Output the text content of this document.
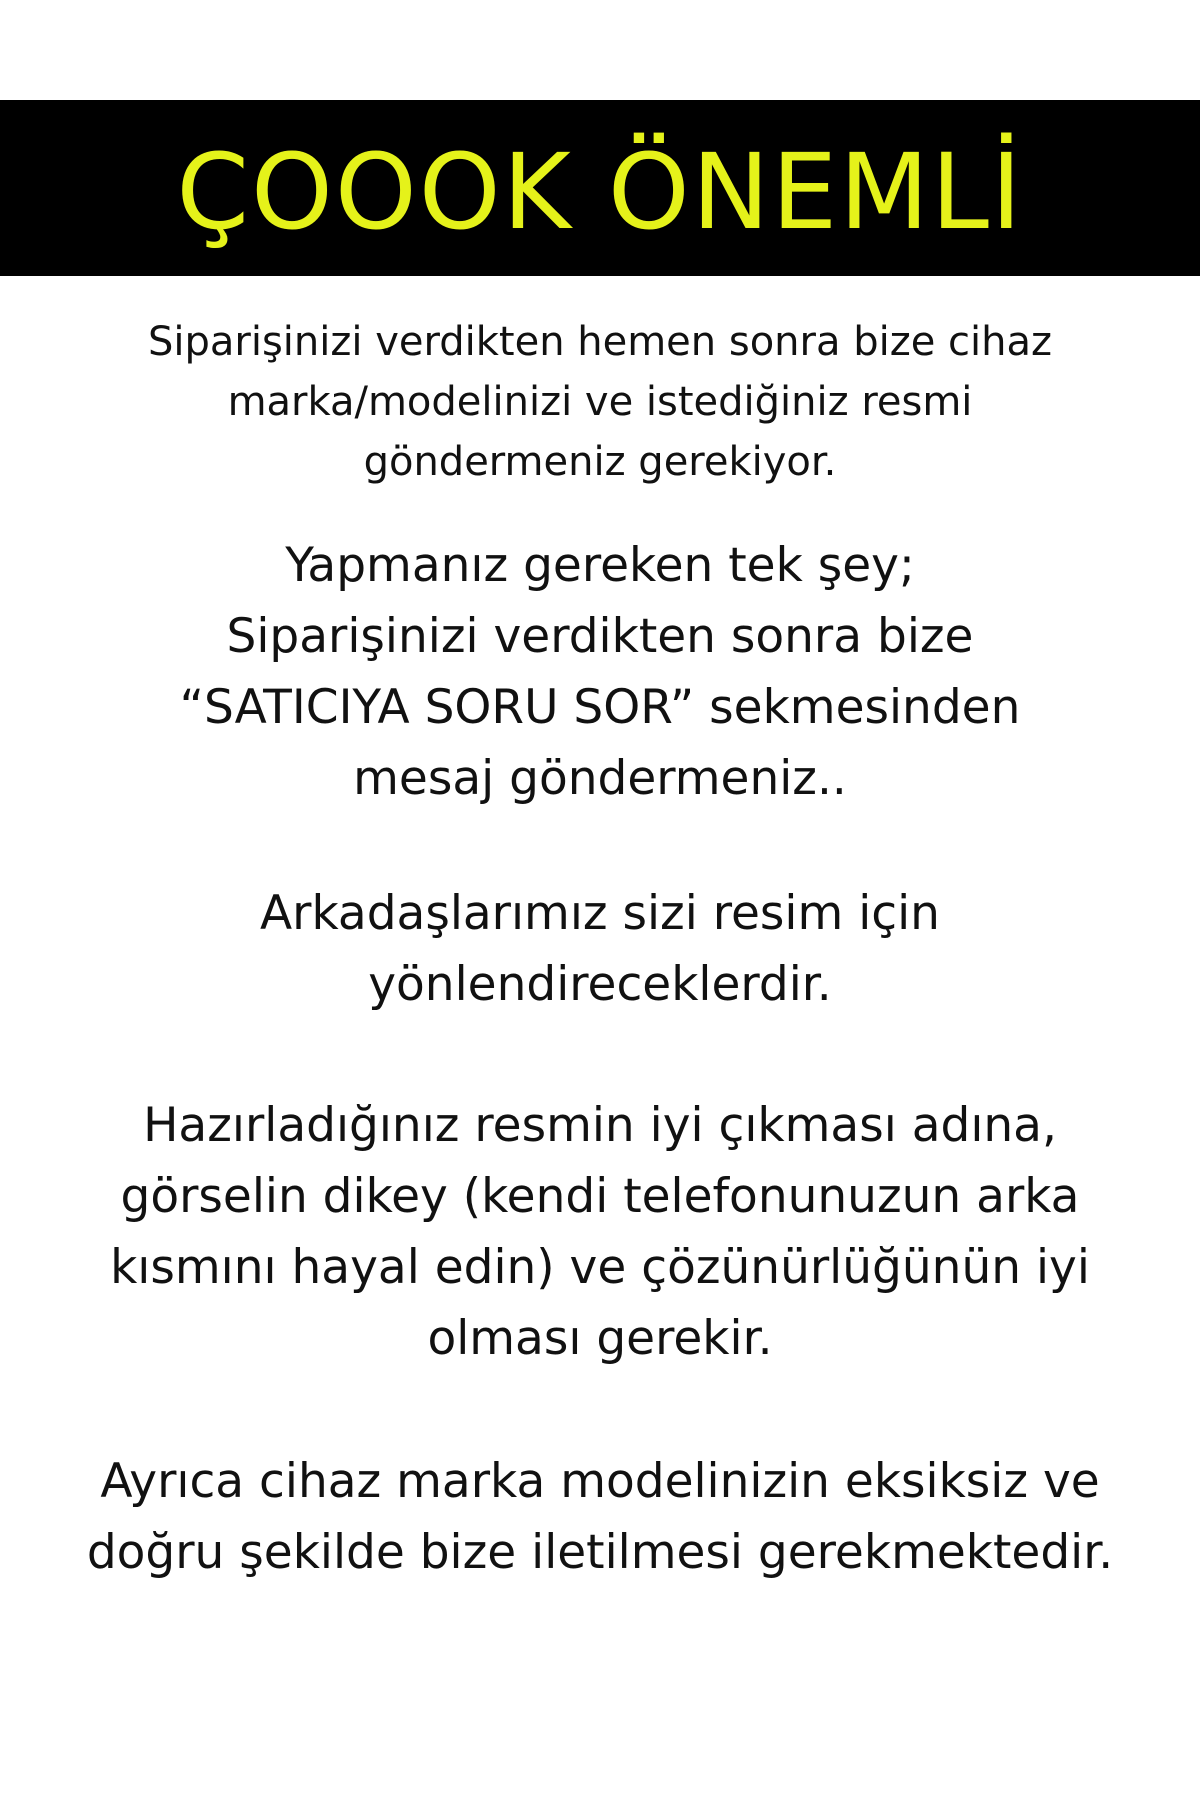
ÇOOOK ÖNEMLİ

Siparişinizi verdikten hemen sonra bize cihaz
marka/modelinizi ve istediğiniz resmi
göndermeniz gerekiyor.

Yapmanız gereken tek şey;
Siparişinizi verdikten sonra bize
“SATICIYA SORU SOR” sekmesinden
mesaj göndermeniz..

Arkadaşlarımız sizi resim için
yönlendireceklerdir.

Hazırladığınız resmin iyi çıkması adına,
görselin dikey (kendi telefonunuzun arka
kısmını hayal edin) ve çözünürlüğünün iyi
olması gerekir.

Ayrıca cihaz marka modelinizin eksiksiz ve
doğru şekilde bize iletilmesi gerekmektedir.
